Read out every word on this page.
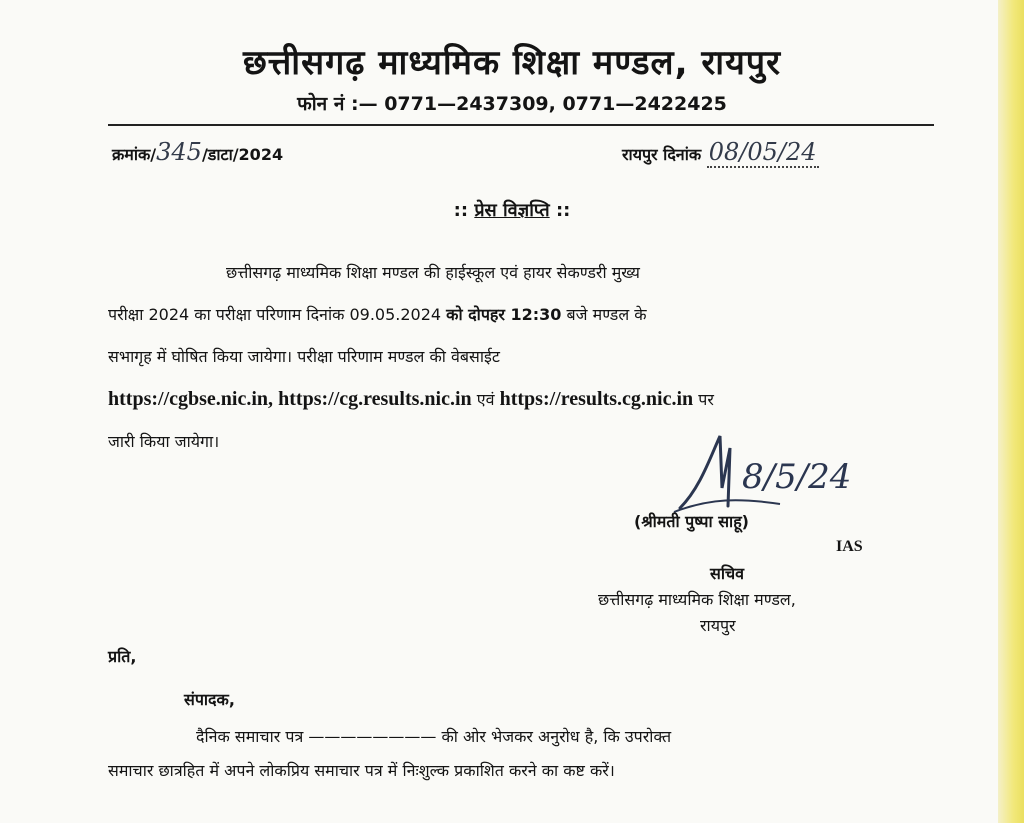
छत्तीसगढ़ माध्यमिक शिक्षा मण्डल, रायपुर
फोन नं :— 0771—2437309, 0771—2422425
क्रमांक/345/डाटा/2024	रायपुर दिनांक 08/05/24
:: प्रेस विज्ञप्ति ::

छत्तीसगढ़ माध्यमिक शिक्षा मण्डल की हाईस्कूल एवं हायर सेकण्डरी मुख्य

परीक्षा 2024 का परीक्षा परिणाम दिनांक 09.05.2024 को दोपहर 12:30 बजे मण्डल के

सभागृह में घोषित किया जायेगा। परीक्षा परिणाम मण्डल की वेबसाईट

https://cgbse.nic.in, https://cg.results.nic.in एवं https://results.cg.nic.in पर

जारी किया जायेगा।

8/5/24
(श्रीमती पुष्पा साहू)
IAS
सचिव
छत्तीसगढ़ माध्यमिक शिक्षा मण्डल,
रायपुर
प्रति,
संपादक,

दैनिक समाचार पत्र ———————— की ओर भेजकर अनुरोध है, कि उपरोक्त

समाचार छात्रहित में अपने लोकप्रिय समाचार पत्र में निःशुल्क प्रकाशित करने का कष्ट करें।
